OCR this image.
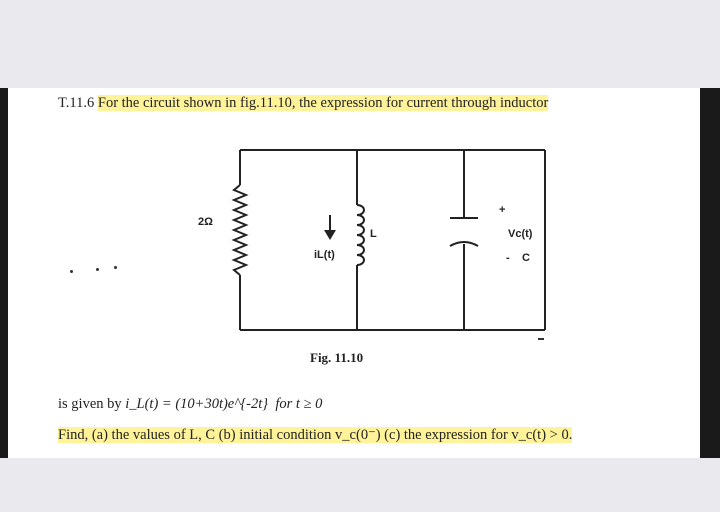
T.11.6 For the circuit shown in fig.11.10, the expression for current through inductor
2Ω
L
iL(t)
+
Vc(t)
- C
Fig. 11.10
is given by i_L(t) = (10+30t)e^{-2t} for t ≥ 0
Find, (a) the values of L, C (b) initial condition v_c(0⁻) (c) the expression for v_c(t) > 0.
